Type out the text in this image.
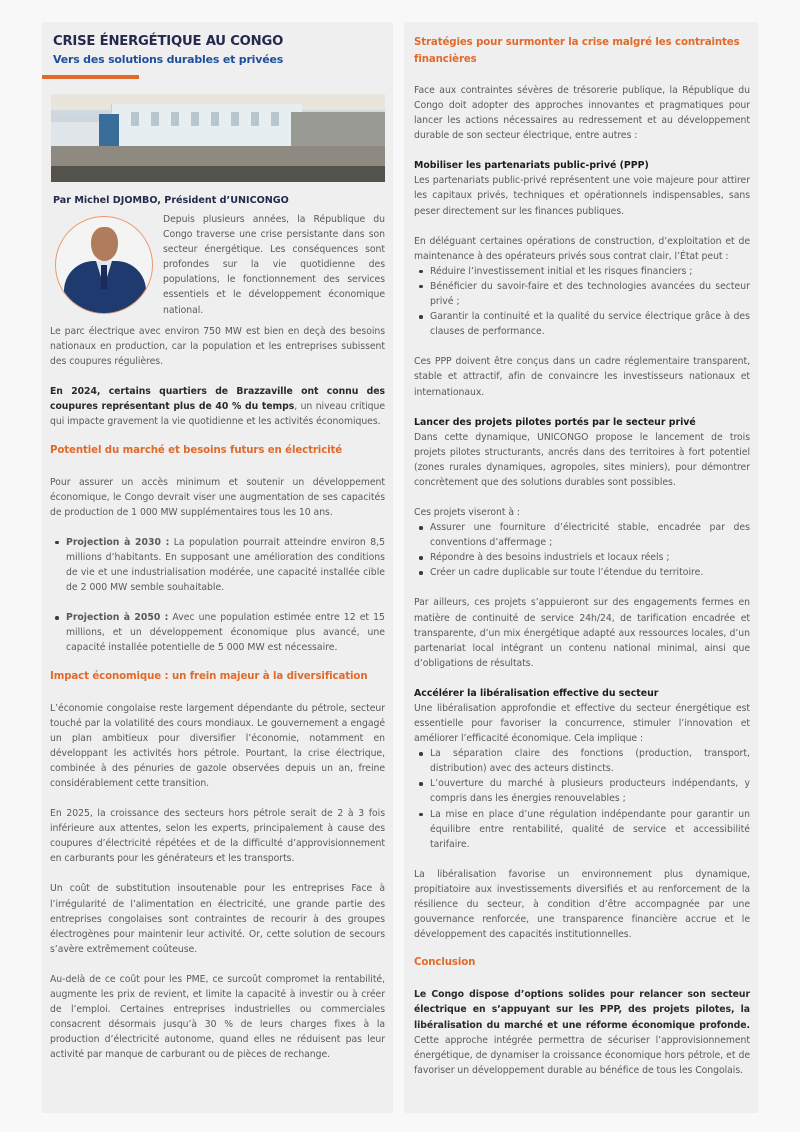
CRISE ÉNERGÉTIQUE AU CONGO
Vers des solutions durables et privées
Par Michel DJOMBO, Président d’UNICONGO

Depuis plusieurs années, la République du Congo traverse une crise persistante dans son secteur énergétique. Les conséquences sont profondes sur la vie quotidienne des populations, le fonctionnement des services essentiels et le développement économique national.

Le parc électrique avec environ 750 MW est bien en deçà des besoins nationaux en production, car la population et les entreprises subissent des coupures régulières.

En 2024, certains quartiers de Brazzaville ont connu des coupures représentant plus de 40 % du temps, un niveau critique qui impacte gravement la vie quotidienne et les activités économiques.

Potentiel du marché et besoins futurs en électricité

Pour assurer un accès minimum et soutenir un développement économique, le Congo devrait viser une augmentation de ses capacités de production de 1 000 MW supplémentaires tous les 10 ans.

Projection à 2030 : La population pourrait atteindre environ 8,5 millions d’habitants. En supposant une amélioration des conditions de vie et une industrialisation modérée, une capacité installée cible de 2 000 MW semble souhaitable.
Projection à 2050 : Avec une population estimée entre 12 et 15 millions, et un développement économique plus avancé, une capacité installée potentielle de 5 000 MW est nécessaire.
Impact économique : un frein majeur à la diversification

L’économie congolaise reste largement dépendante du pétrole, secteur touché par la volatilité des cours mondiaux. Le gouvernement a engagé un plan ambitieux pour diversifier l’économie, notamment en développant les activités hors pétrole. Pourtant, la crise électrique, combinée à des pénuries de gazole observées depuis un an, freine considérablement cette transition.

En 2025, la croissance des secteurs hors pétrole serait de 2 à 3 fois inférieure aux attentes, selon les experts, principalement à cause des coupures d’électricité répétées et de la difficulté d’approvisionnement en carburants pour les générateurs et les transports.

Un coût de substitution insoutenable pour les entreprises Face à l’irrégularité de l’alimentation en électricité, une grande partie des entreprises congolaises sont contraintes de recourir à des groupes électrogènes pour maintenir leur activité. Or, cette solution de secours s’avère extrêmement coûteuse.

Au-delà de ce coût pour les PME, ce surcoût compromet la rentabilité, augmente les prix de revient, et limite la capacité à investir ou à créer de l’emploi. Certaines entreprises industrielles ou commerciales consacrent désormais jusqu’à 30 % de leurs charges fixes à la production d’électricité autonome, quand elles ne réduisent pas leur activité par manque de carburant ou de pièces de rechange.

Stratégies pour surmonter la crise malgré les contraintes financières

Face aux contraintes sévères de trésorerie publique, la République du Congo doit adopter des approches innovantes et pragmatiques pour lancer les actions nécessaires au redressement et au développement durable de son secteur électrique, entre autres :

Mobiliser les partenariats public-privé (PPP)

Les partenariats public-privé représentent une voie majeure pour attirer les capitaux privés, techniques et opérationnels indispensables, sans peser directement sur les finances publiques.

En déléguant certaines opérations de construction, d’exploitation et de maintenance à des opérateurs privés sous contrat clair, l’État peut :

Réduire l’investissement initial et les risques financiers ;
Bénéficier du savoir-faire et des technologies avancées du secteur privé ;
Garantir la continuité et la qualité du service électrique grâce à des clauses de performance.

Ces PPP doivent être conçus dans un cadre réglementaire transparent, stable et attractif, afin de convaincre les investisseurs nationaux et internationaux.

Lancer des projets pilotes portés par le secteur privé

Dans cette dynamique, UNICONGO propose le lancement de trois projets pilotes structurants, ancrés dans des territoires à fort potentiel (zones rurales dynamiques, agropoles, sites miniers), pour démontrer concrètement que des solutions durables sont possibles.

Ces projets viseront à :

Assurer une fourniture d’électricité stable, encadrée par des conventions d’affermage ;
Répondre à des besoins industriels et locaux réels ;
Créer un cadre duplicable sur toute l’étendue du territoire.

Par ailleurs, ces projets s’appuieront sur des engagements fermes en matière de continuité de service 24h/24, de tarification encadrée et transparente, d’un mix énergétique adapté aux ressources locales, d’un partenariat local intégrant un contenu national minimal, ainsi que d’obligations de résultats.

Accélérer la libéralisation effective du secteur

Une libéralisation approfondie et effective du secteur énergétique est essentielle pour favoriser la concurrence, stimuler l’innovation et améliorer l’efficacité économique. Cela implique :

La séparation claire des fonctions (production, transport, distribution) avec des acteurs distincts.
L’ouverture du marché à plusieurs producteurs indépendants, y compris dans les énergies renouvelables ;
La mise en place d’une régulation indépendante pour garantir un équilibre entre rentabilité, qualité de service et accessibilité tarifaire.

La libéralisation favorise un environnement plus dynamique, propitiatoire aux investissements diversifiés et au renforcement de la résilience du secteur, à condition d’être accompagnée par une gouvernance renforcée, une transparence financière accrue et le développement des capacités institutionnelles.

Conclusion

Le Congo dispose d’options solides pour relancer son secteur électrique en s’appuyant sur les PPP, des projets pilotes, la libéralisation du marché et une réforme économique profonde. Cette approche intégrée permettra de sécuriser l’approvisionnement énergétique, de dynamiser la croissance économique hors pétrole, et de favoriser un développement durable au bénéfice de tous les Congolais.
